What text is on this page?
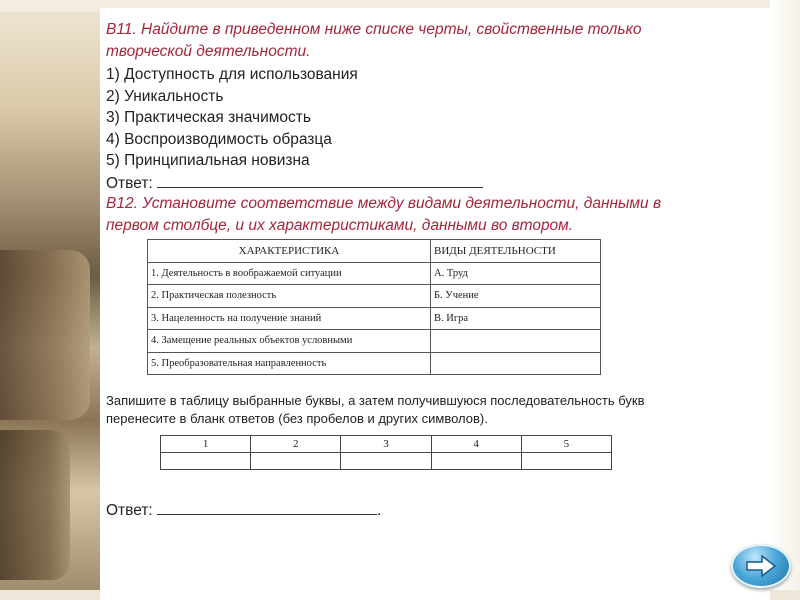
B11. Найдите в приведенном ниже списке черты, свойственные только
творческой деятельности.
1) Доступность для использования
2) Уникальность
3) Практическая значимость
4) Воспроизводимость образца
5) Принципиальная новизна
Ответ:
B12. Установите соответствие между видами деятельности, данными в
первом столбце, и их характеристиками, данными во втором.
ХАРАКТЕРИСТИКА	ВИДЫ ДЕЯТЕЛЬНОСТИ
1. Деятельность в воображаемой ситуации	А. Труд
2. Практическая полезность	Б. Учение
3. Нацеленность на получение знаний	В. Игра
4. Замещение реальных объектов условными	
5. Преобразовательная направленность	
Запишите в таблицу выбранные буквы, а затем получившуюся последовательность букв
перенесите в бланк ответов (без пробелов и других символов).
1	2	3	4	5

Ответ:	.
